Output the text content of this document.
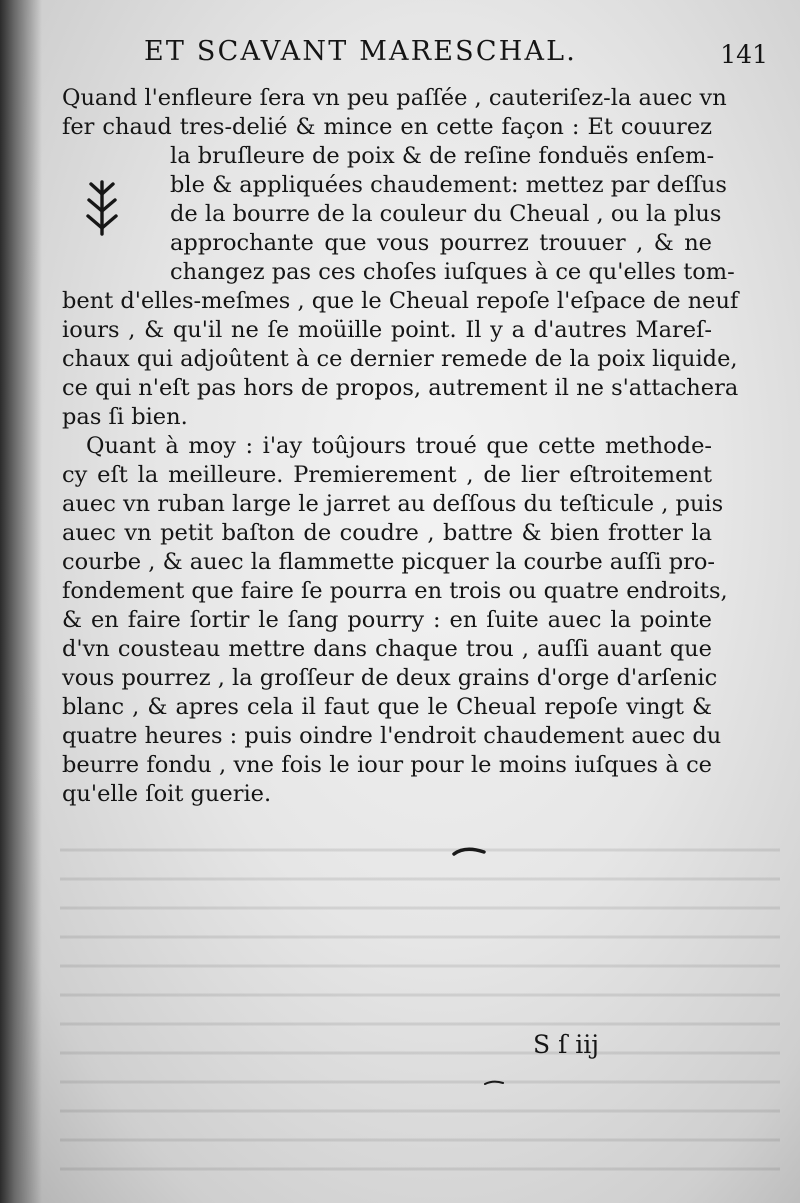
ET SCAVANT MARESCHAL.	141
Quand l'enfleure ſera vn peu paſſée , cauteriſez-la auec vn
fer chaud tres-delié & mince en cette façon : Et couurez
la bruſleure de poix & de reſine fonduës enſem-
ble & appliquées chaudement: mettez par deſſus
de la bourre de la couleur du Cheual , ou la plus
approchante que vous pourrez trouuer , & ne
changez pas ces choſes iuſques à ce qu'elles tom-
bent d'elles-meſmes , que le Cheual repoſe l'eſpace de neuf
iours , & qu'il ne ſe moüille point. Il y a d'autres Mareſ-
chaux qui adjoûtent à ce dernier remede de la poix liquide,
ce qui n'eſt pas hors de propos, autrement il ne s'attachera
pas ſi bien.
Quant à moy : i'ay toûjours troué que cette methode-
cy eſt la meilleure. Premierement , de lier eſtroitement
auec vn ruban large le jarret au deſſous du teſticule , puis
auec vn petit baſton de coudre , battre & bien frotter la
courbe , & auec la flammette picquer la courbe auſſi pro-
fondement que faire ſe pourra en trois ou quatre endroits,
& en faire ſortir le ſang pourry : en ſuite auec la pointe
d'vn cousteau mettre dans chaque trou , auſſi auant que
vous pourrez , la groſſeur de deux grains d'orge d'arſenic
blanc , & apres cela il faut que le Cheual repoſe vingt &
quatre heures : puis oindre l'endroit chaudement auec du
beurre fondu , vne fois le iour pour le moins iuſques à ce
qu'elle ſoit guerie.
S ſ iij
